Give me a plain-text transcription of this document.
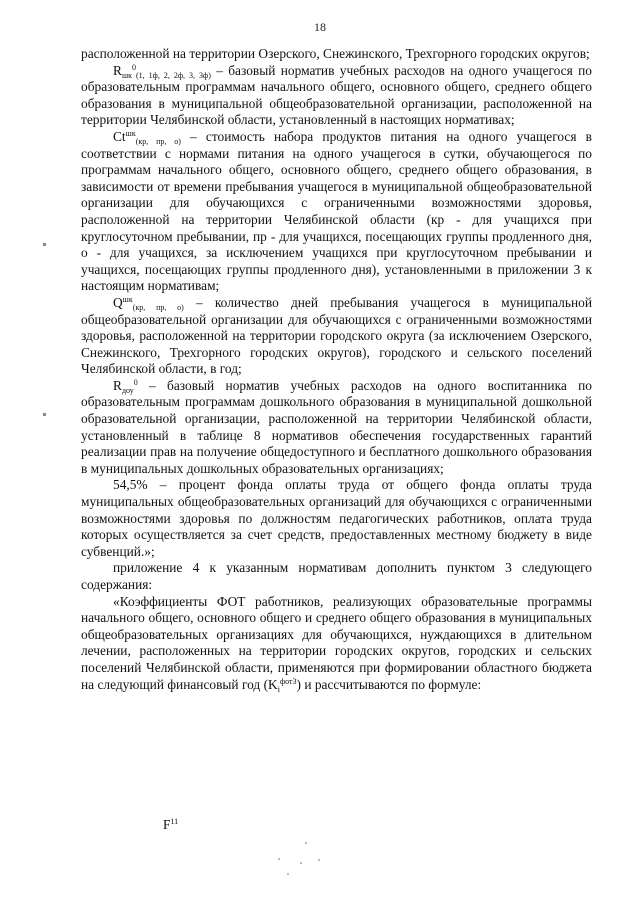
18

расположенной на территории Озерского, Снежинского, Трехгорного городских округов;

$R_{шк}^0_{(1, 1ф, 2, 2ф, 3, 3ф)}$ – базовый норматив учебных расходов на одного учащегося по образовательным программам начального общего, основного общего, среднего общего образования в муниципальной общеобразовательной организации, расположенной на территории Челябинской области, установленный в настоящих нормативах;

$Ct^{шк}_{(кр, пр, о)}$ – стоимость набора продуктов питания на одного учащегося в соответствии с нормами питания на одного учащегося в сутки, обучающегося по программам начального общего, основного общего, среднего общего образования, в зависимости от времени пребывания учащегося в муниципальной общеобразовательной организации для обучающихся с ограниченными возможностями здоровья, расположенной на территории Челябинской области (кр - для учащихся при круглосуточном пребывании, пр - для учащихся, посещающих группы продленного дня, о - для учащихся, за исключением учащихся при круглосуточном пребывании и учащихся, посещающих группы продленного дня), установленными в приложении 3 к настоящим нормативам;

$Q^{шк}_{(кр, пр, о)}$ – количество дней пребывания учащегося в муниципальной общеобразовательной организации для обучающихся с ограниченными возможностями здоровья, расположенной на территории городского округа (за исключением Озерского, Снежинского, Трехгорного городских округов), городского и сельского поселений Челябинской области, в год;

$R_{доу}^0$ – базовый норматив учебных расходов на одного воспитанника по образовательным программам дошкольного образования в муниципальной дошкольной образовательной организации, расположенной на территории Челябинской области, установленный в таблице 8 нормативов обеспечения государственных гарантий реализации прав на получение общедоступного и бесплатного дошкольного образования в муниципальных дошкольных образовательных организациях;

54,5% – процент фонда оплаты труда от общего фонда оплаты труда муниципальных общеобразовательных организаций для обучающихся с ограниченными возможностями здоровья по должностям педагогических работников, оплата труда которых осуществляется за счет средств, предоставленных местному бюджету в виде субвенций.»;

приложение 4 к указанным нормативам дополнить пунктом 3 следующего содержания:

«Коэффициенты ФОТ работников, реализующих образовательные программы начального общего, основного общего и среднего общего образования в муниципальных общеобразовательных организациях для обучающихся, нуждающихся в длительном лечении, расположенных на территории городских округов, городских и сельских поселений Челябинской области, применяются при формировании областного бюджета на следующий финансовый год $(K_i^{фот3})$ и рассчитываются по формуле:

$F^{11}$
